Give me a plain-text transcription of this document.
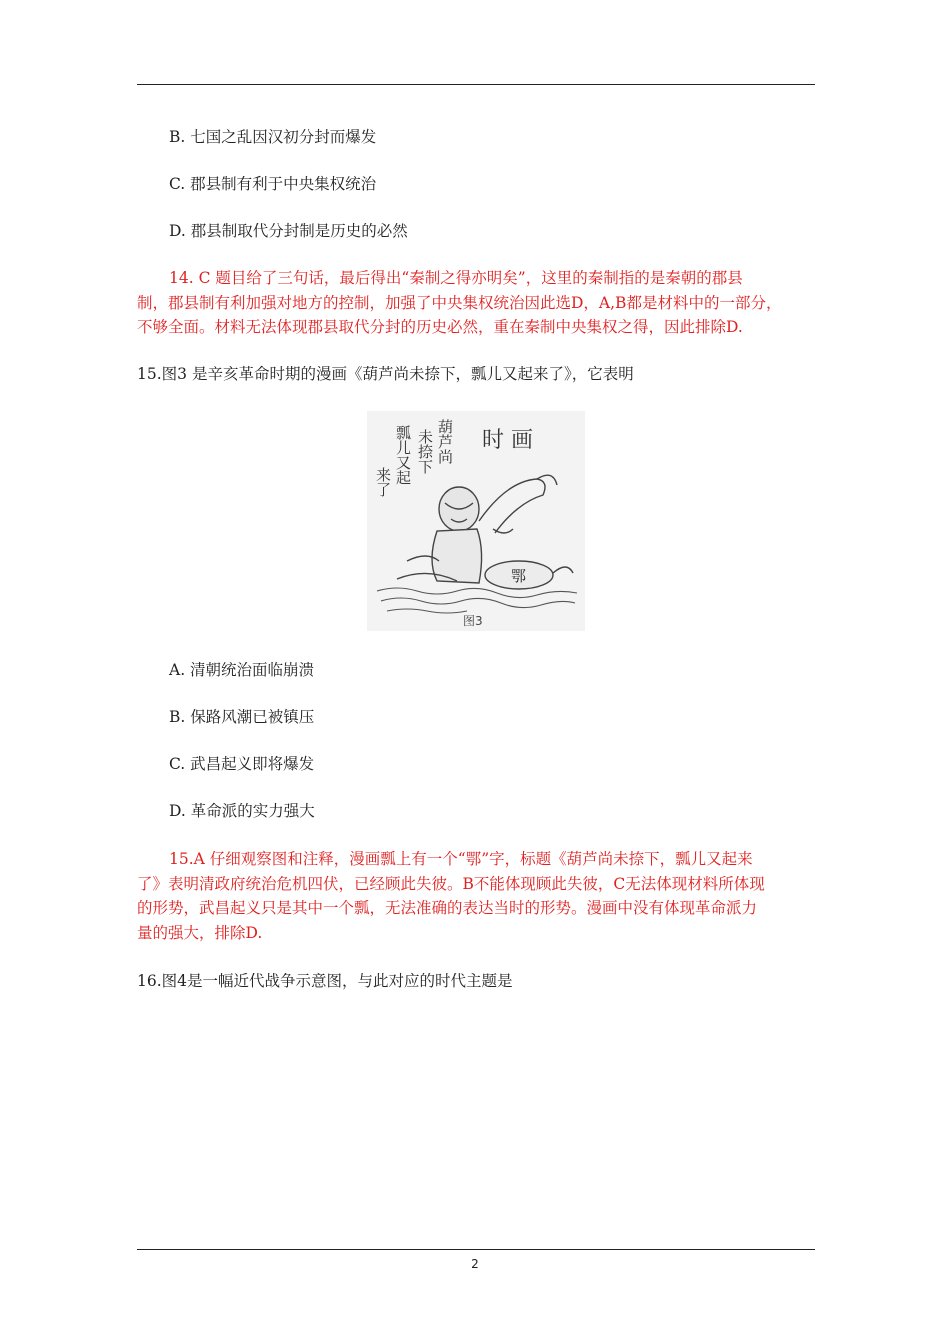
B. 七国之乱因汉初分封而爆发
C. 郡县制有利于中央集权统治
D. 郡县制取代分封制是历史的必然
14. C 题目给了三句话，最后得出“秦制之得亦明矣”，这里的秦制指的是秦朝的郡县
制，郡县制有利加强对地方的控制，加强了中央集权统治因此选D，A,B都是材料中的一部分，
不够全面。材料无法体现郡县取代分封的历史必然，重在秦制中央集权之得，因此排除D.
15.图3 是辛亥革命时期的漫画《葫芦尚未捺下，瓢儿又起来了》，它表明
时 画
葫芦尚
未捺下
瓢儿又起
来了
鄂
图3
A. 清朝统治面临崩溃
B. 保路风潮已被镇压
C. 武昌起义即将爆发
D. 革命派的实力强大
15.A 仔细观察图和注释，漫画瓢上有一个“鄂”字，标题《葫芦尚未捺下，瓢儿又起来
了》表明清政府统治危机四伏，已经顾此失彼。B不能体现顾此失彼，C无法体现材料所体现
的形势，武昌起义只是其中一个瓢，无法准确的表达当时的形势。漫画中没有体现革命派力
量的强大，排除D.
16.图4是一幅近代战争示意图，与此对应的时代主题是
2
